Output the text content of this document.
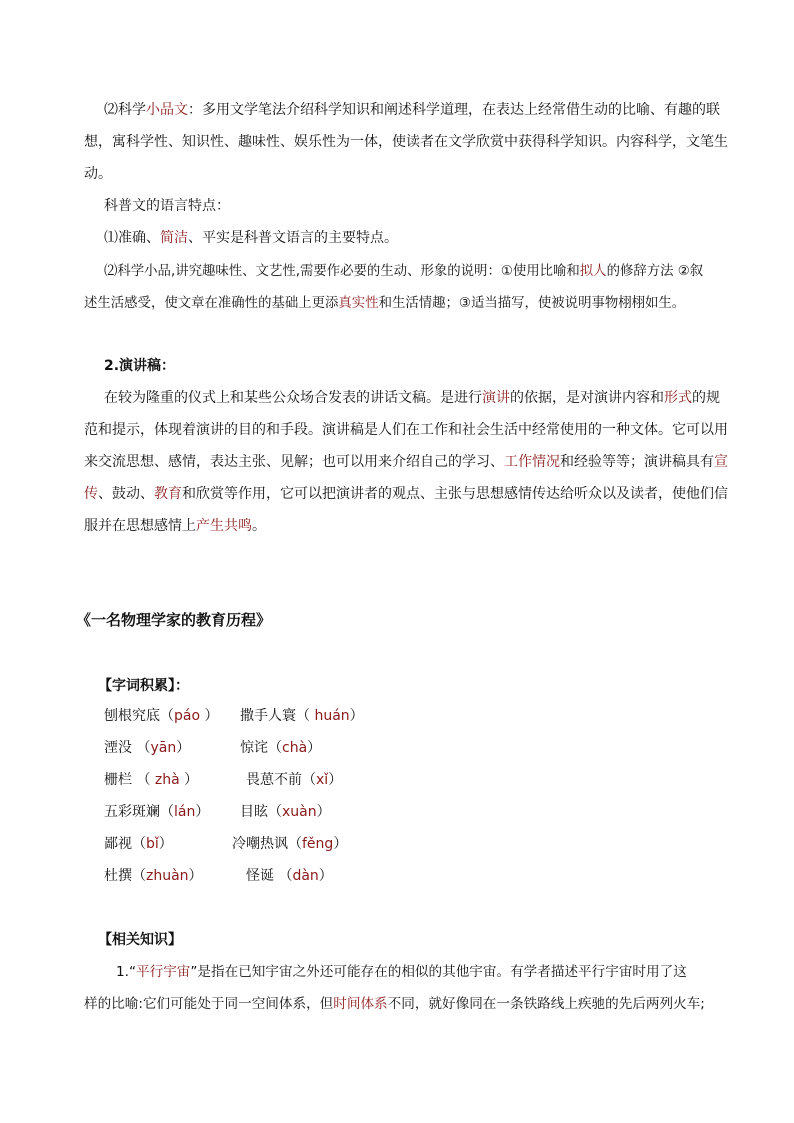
⑵科学小品文：多用文学笔法介绍科学知识和阐述科学道理，在表达上经常借生动的比喻、有趣的联
想，寓科学性、知识性、趣味性、娱乐性为一体，使读者在文学欣赏中获得科学知识。内容科学，文笔生
动。
科普文的语言特点：
⑴准确、简洁、平实是科普文语言的主要特点。
⑵科学小品,讲究趣味性、文艺性,需要作必要的生动、形象的说明：①使用比喻和拟人的修辞方法 ②叙
述生活感受，使文章在准确性的基础上更添真实性和生活情趣；③适当描写，使被说明事物栩栩如生。
2.演讲稿：
在较为隆重的仪式上和某些公众场合发表的讲话文稿。是进行演讲的依据，是对演讲内容和形式的规
范和提示，体现着演讲的目的和手段。演讲稿是人们在工作和社会生活中经常使用的一种文体。它可以用
来交流思想、感情，表达主张、见解；也可以用来介绍自己的学习、工作情况和经验等等；演讲稿具有宣
传、鼓动、教育和欣赏等作用，它可以把演讲者的观点、主张与思想感情传达给听众以及读者，使他们信
服并在思想感情上产生共鸣。
《一名物理学家的教育历程》
【字词积累】：
刨根究底（páo ） 撒手人寰（ huán）
湮没 （yān）	惊诧（chà）
栅栏 （ zhà ）	畏葸不前（xǐ）
五彩斑斓（lán） 目眩（xuàn）
鄙视（bǐ）	冷嘲热讽（fěng）
杜撰（zhuàn）	怪诞 （dàn）
【相关知识】
1.“平行宇宙”是指在已知宇宙之外还可能存在的相似的其他宇宙。有学者描述平行宇宙时用了这
样的比喻:它们可能处于同一空间体系，但时间体系不同，就好像同在一条铁路线上疾驰的先后两列火车;
